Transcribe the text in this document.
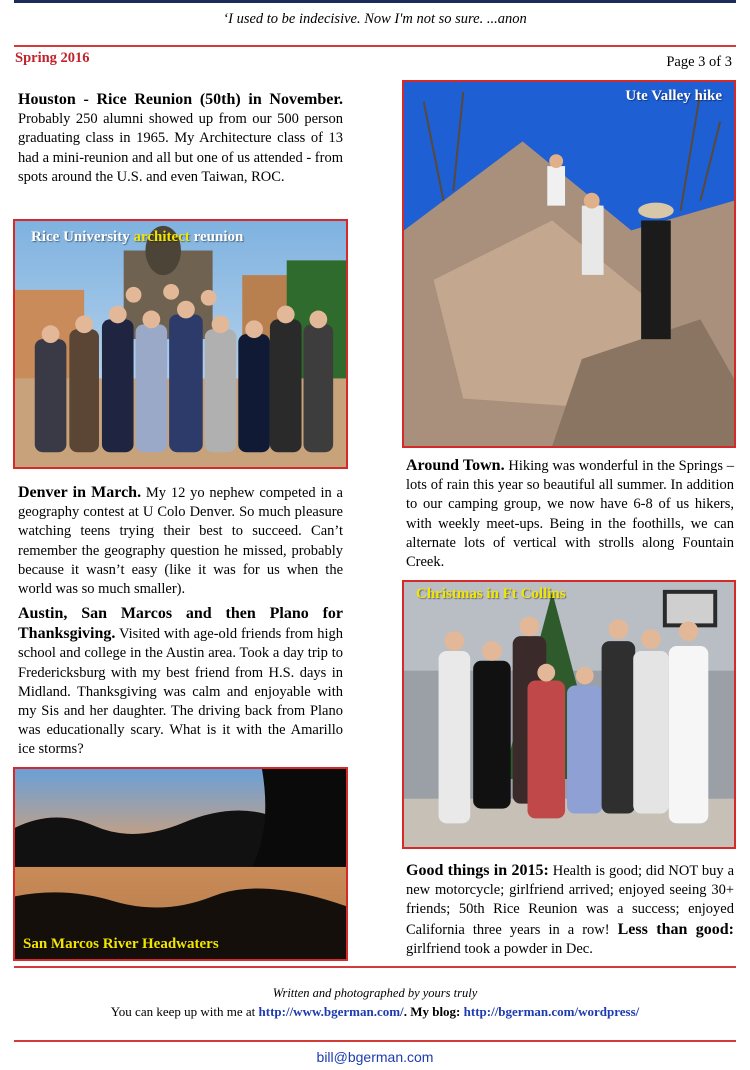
‘I used to be indecisive. Now I'm not so sure. ...anon
Spring 2016	Page 3 of 3

Houston - Rice Reunion (50th) in November. Probably 250 alumni showed up from our 500 person graduating class in 1965. My Architecture class of 13 had a mini-reunion and all but one of us attended - from spots around the U.S. and even Taiwan, ROC.

Rice University architect reunion

Denver in March. My 12 yo nephew competed in a geography contest at U Colo Denver. So much pleasure watching teens trying their best to succeed. Can’t remember the geography question he missed, probably because it wasn’t easy (like it was for us when the world was so much smaller).

Austin, San Marcos and then Plano for Thanksgiving. Visited with age-old friends from high school and college in the Austin area. Took a day trip to Fredericksburg with my best friend from H.S. days in Midland. Thanksgiving was calm and enjoyable with my Sis and her daughter. The driving back from Plano was educationally scary. What is it with the Amarillo ice storms?

San Marcos River Headwaters
Ute Valley hike

Around Town. Hiking was wonderful in the Springs – lots of rain this year so beautiful all summer. In addition to our camping group, we now have 6-8 of us hikers, with weekly meet-ups. Being in the foothills, we can alternate lots of vertical with strolls along Fountain Creek.

Christmas in Ft Collins

Good things in 2015: Health is good; did NOT buy a new motorcycle; girlfriend arrived; enjoyed seeing 30+ friends; 50th Rice Reunion was a success; enjoyed California three years in a row! Less than good: girlfriend took a powder in Dec.

Written and photographed by yours truly
You can keep up with me at http://www.bgerman.com/. My blog: http://bgerman.com/wordpress/
bill@bgerman.com
